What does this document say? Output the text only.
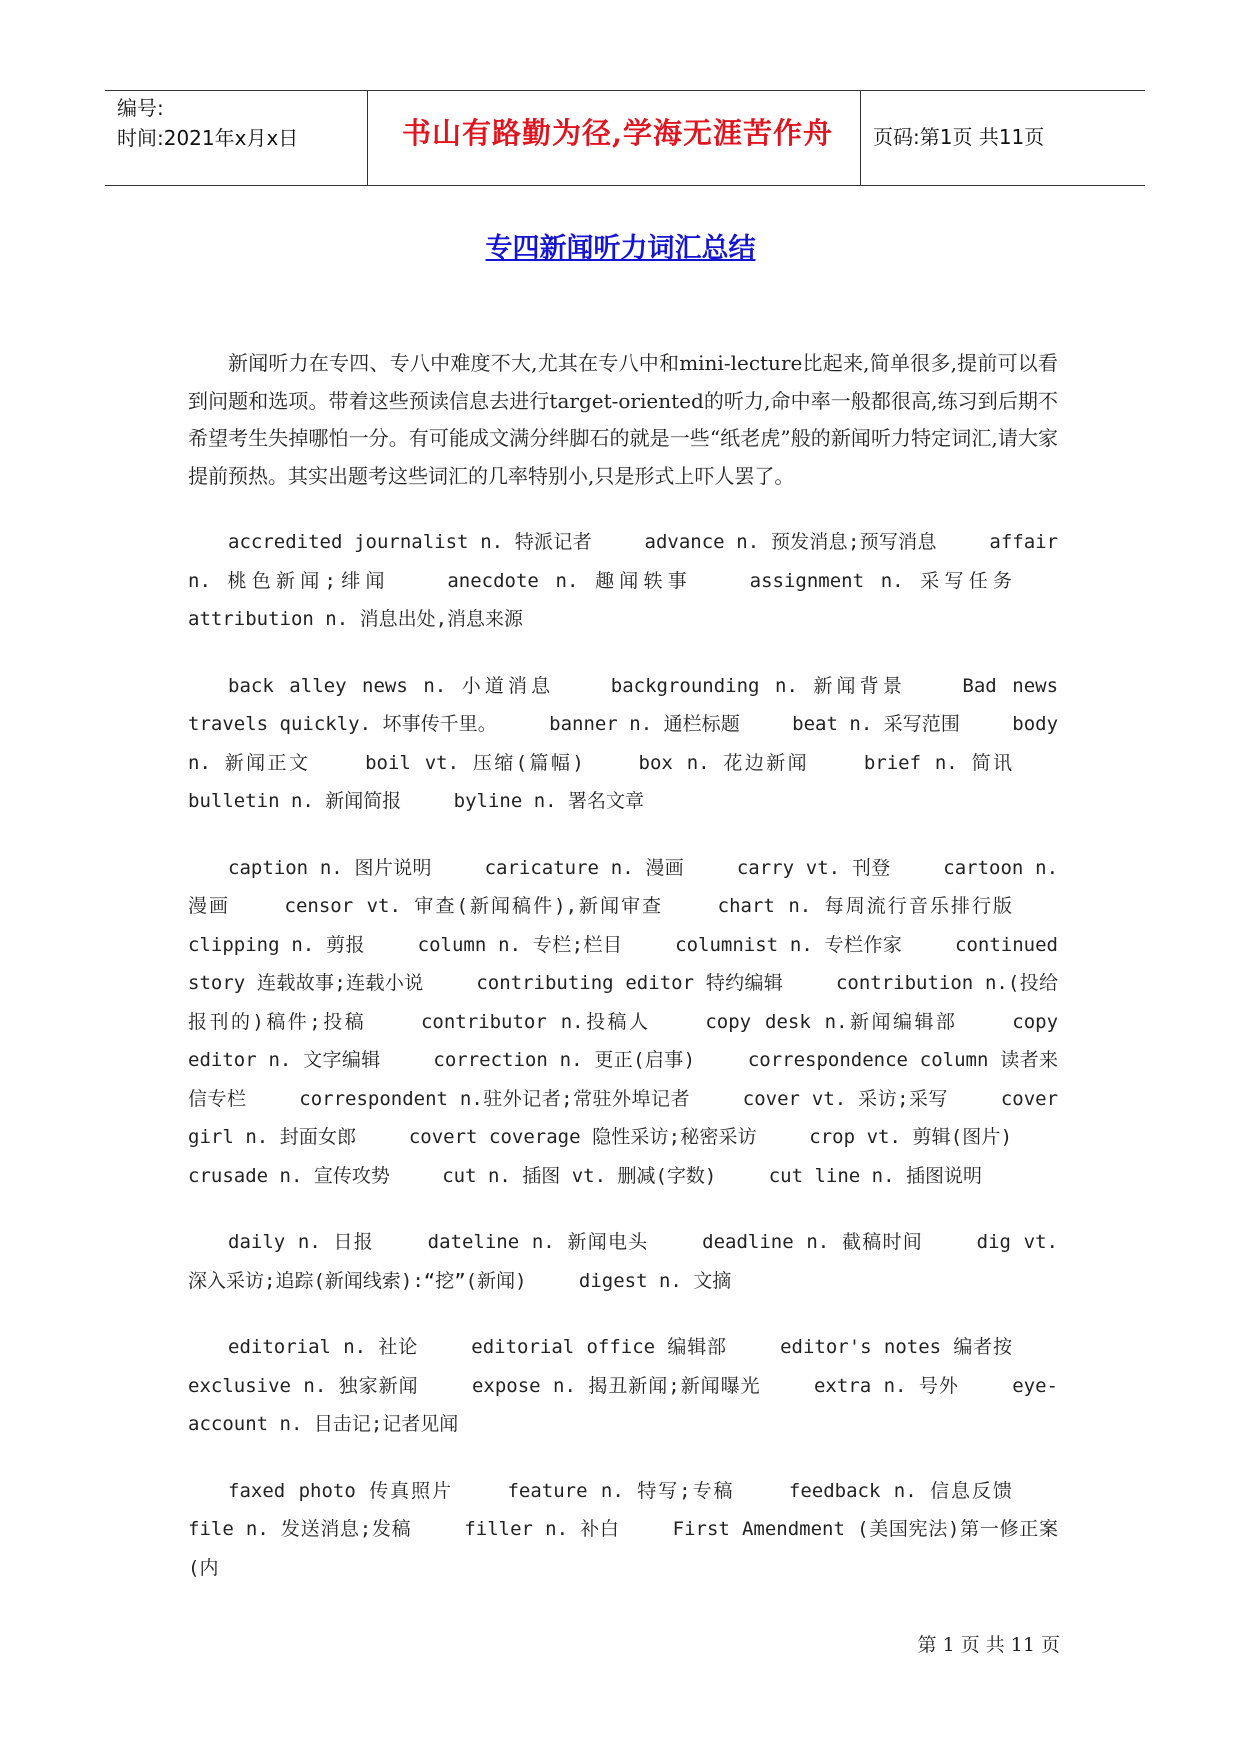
编号:
时间:2021年x月x日	书山有路勤为径,学海无涯苦作舟	页码:第1页 共11页
专四新闻听力词汇总结

新闻听力在专四、专八中难度不大,尤其在专八中和mini-lecture比起来,简单很多,提前可以看到问题和选项。带着这些预读信息去进行target-oriented的听力,命中率一般都很高,练习到后期不希望考生失掉哪怕一分。有可能成文满分绊脚石的就是一些“纸老虎”般的新闻听力特定词汇,请大家提前预热。其实出题考这些词汇的几率特别小,只是形式上吓人罢了。

accredited journalist n. 特派记者	advance n. 预发消息;预写消息	affair n. 桃色新闻;绯闻	anecdote n. 趣闻轶事	assignment n. 采写任务 attribution n. 消息出处,消息来源

back alley news n. 小道消息	backgrounding n. 新闻背景	Bad news travels quickly. 坏事传千里。	banner n. 通栏标题	beat n. 采写范围	body n. 新闻正文	boil vt. 压缩(篇幅)	box n. 花边新闻	brief n. 简讯 bulletin n. 新闻简报	byline n. 署名文章

caption n. 图片说明	caricature n. 漫画	carry vt. 刊登	cartoon n. 漫画	censor vt. 审查(新闻稿件),新闻审查	chart n. 每周流行音乐排行版 clipping n. 剪报	column n. 专栏;栏目	columnist n. 专栏作家	continued story 连载故事;连载小说	contributing editor 特约编辑	contribution n.(投给报刊的)稿件;投稿	contributor n.投稿人	copy desk n.新闻编辑部	copy editor n. 文字编辑	correction n. 更正(启事)	correspondence column 读者来信专栏	correspondent n.驻外记者;常驻外埠记者	cover vt. 采访;采写	cover girl n. 封面女郎	covert coverage 隐性采访;秘密采访	crop vt. 剪辑(图片) crusade n. 宣传攻势	cut n. 插图 vt. 删减(字数)	cut line n. 插图说明

daily n. 日报	dateline n. 新闻电头	deadline n. 截稿时间	dig vt. 深入采访;追踪(新闻线索):“挖”(新闻)	digest n. 文摘

editorial n. 社论	editorial office 编辑部	editor's notes 编者按 exclusive n. 独家新闻	expose n. 揭丑新闻;新闻曝光	extra n. 号外	eye-account n. 目击记;记者见闻

faxed photo 传真照片	feature n. 特写;专稿	feedback n. 信息反馈 file n. 发送消息;发稿	filler n. 补白	First Amendment (美国宪法)第一修正案(内

第 1 页 共 11 页
